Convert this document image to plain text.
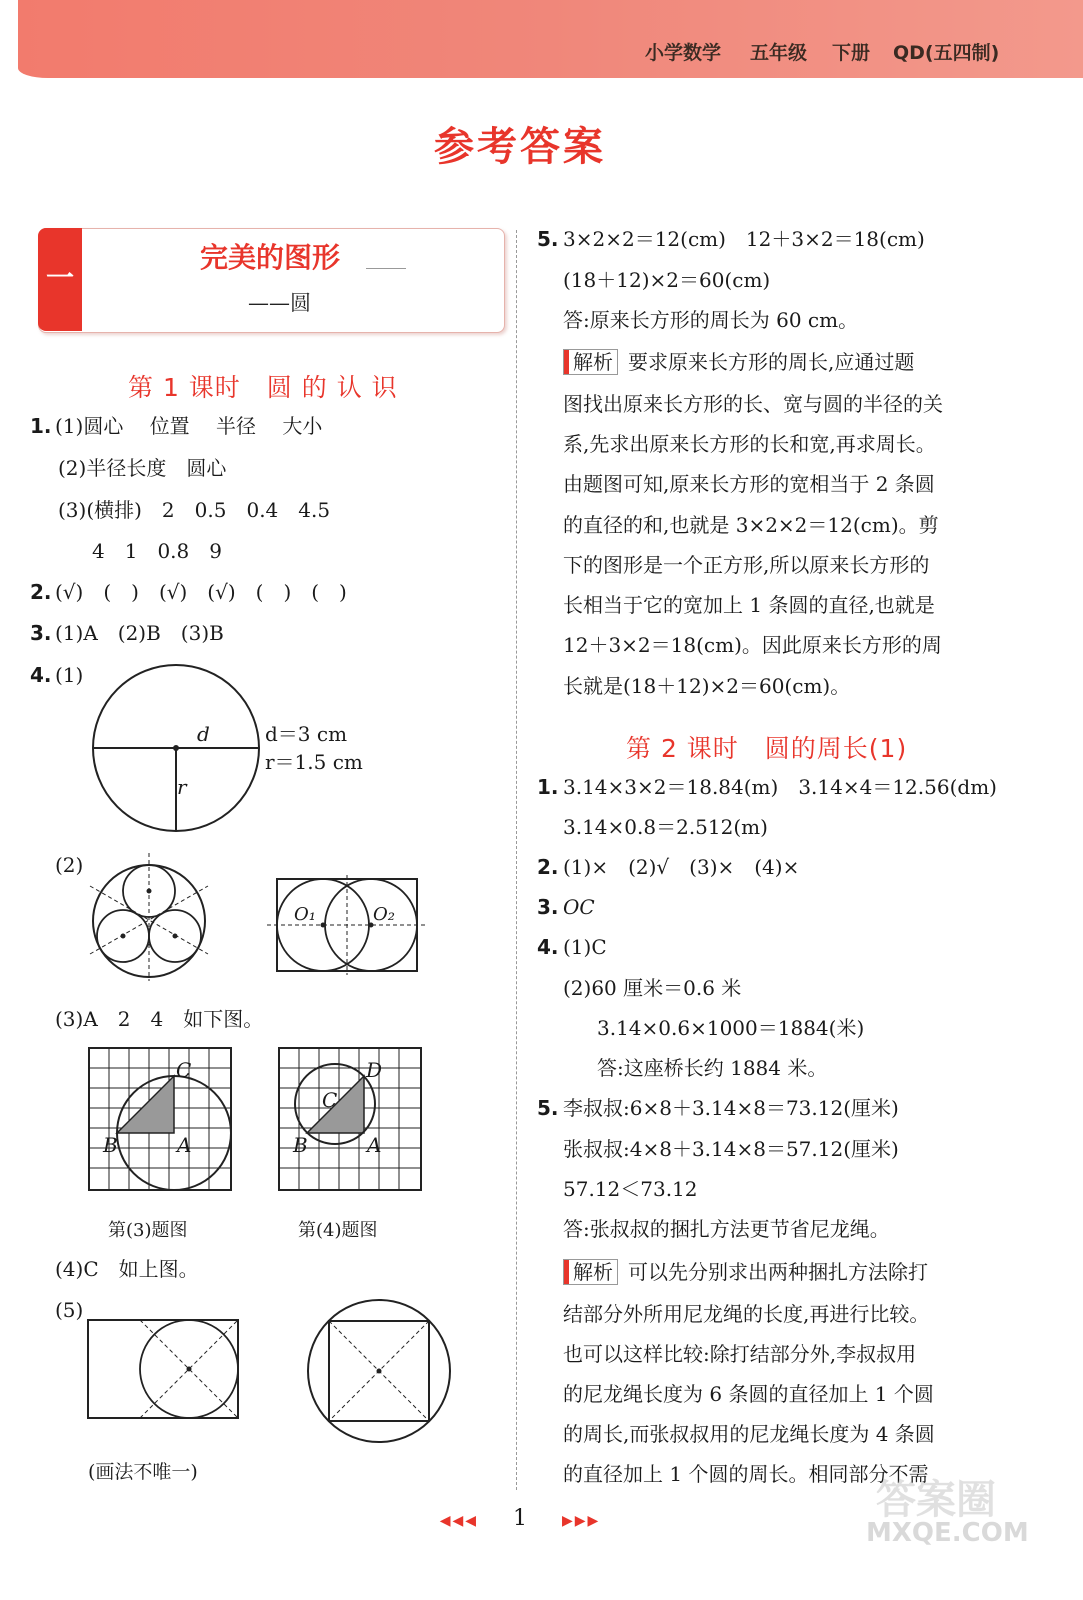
小学数学 五年级 下册 QD(五四制)
参考答案
一
完美的图形
——圆
第 1 课时　圆 的 认 识
1. (1)圆心　 位置　 半径　 大小
(2)半径长度　圆心
(3)(横排)　2　0.5　0.4　4.5
4　1　0.8　9
2. (√)　(　)　(√)　(√)　(　)　(　)
3. (1)A　(2)B　(3)B
4. (1)
d
r
d＝3 cm
r＝1.5 cm
(2)
O₁	O₂
(3)A　2　4　如下图。
C
B	A
D
C
B	A
第(3)题图	第(4)题图
(4)C　如上图。
(5)
(画法不唯一)
5. 3×2×2＝12(cm)　12＋3×2＝18(cm)
(18＋12)×2＝60(cm)
答:原来长方形的周长为 60 cm。
解析 要求原来长方形的周长,应通过题
图找出原来长方形的长、宽与圆的半径的关
系,先求出原来长方形的长和宽,再求周长。
由题图可知,原来长方形的宽相当于 2 条圆
的直径的和,也就是 3×2×2＝12(cm)。剪
下的图形是一个正方形,所以原来长方形的
长相当于它的宽加上 1 条圆的直径,也就是
12＋3×2＝18(cm)。因此原来长方形的周
长就是(18＋12)×2＝60(cm)。
第 2 课时　圆的周长(1)
1. 3.14×3×2＝18.84(m)　3.14×4＝12.56(dm)
3.14×0.8＝2.512(m)
2. (1)×　(2)√　(3)×　(4)×
3. OC
4. (1)C
(2)60 厘米＝0.6 米
3.14×0.6×1000＝1884(米)
答:这座桥长约 1884 米。
5. 李叔叔:6×8＋3.14×8＝73.12(厘米)
张叔叔:4×8＋3.14×8＝57.12(厘米)
57.12＜73.12
答:张叔叔的捆扎方法更节省尼龙绳。
解析 可以先分别求出两种捆扎方法除打
结部分外所用尼龙绳的长度,再进行比较。
也可以这样比较:除打结部分外,李叔叔用
的尼龙绳长度为 6 条圆的直径加上 1 个圆
的周长,而张叔叔用的尼龙绳长度为 4 条圆
的直径加上 1 个圆的周长。相同部分不需
◀◀◀ 1	▶▶▶	答案圈
MXQE.COM
